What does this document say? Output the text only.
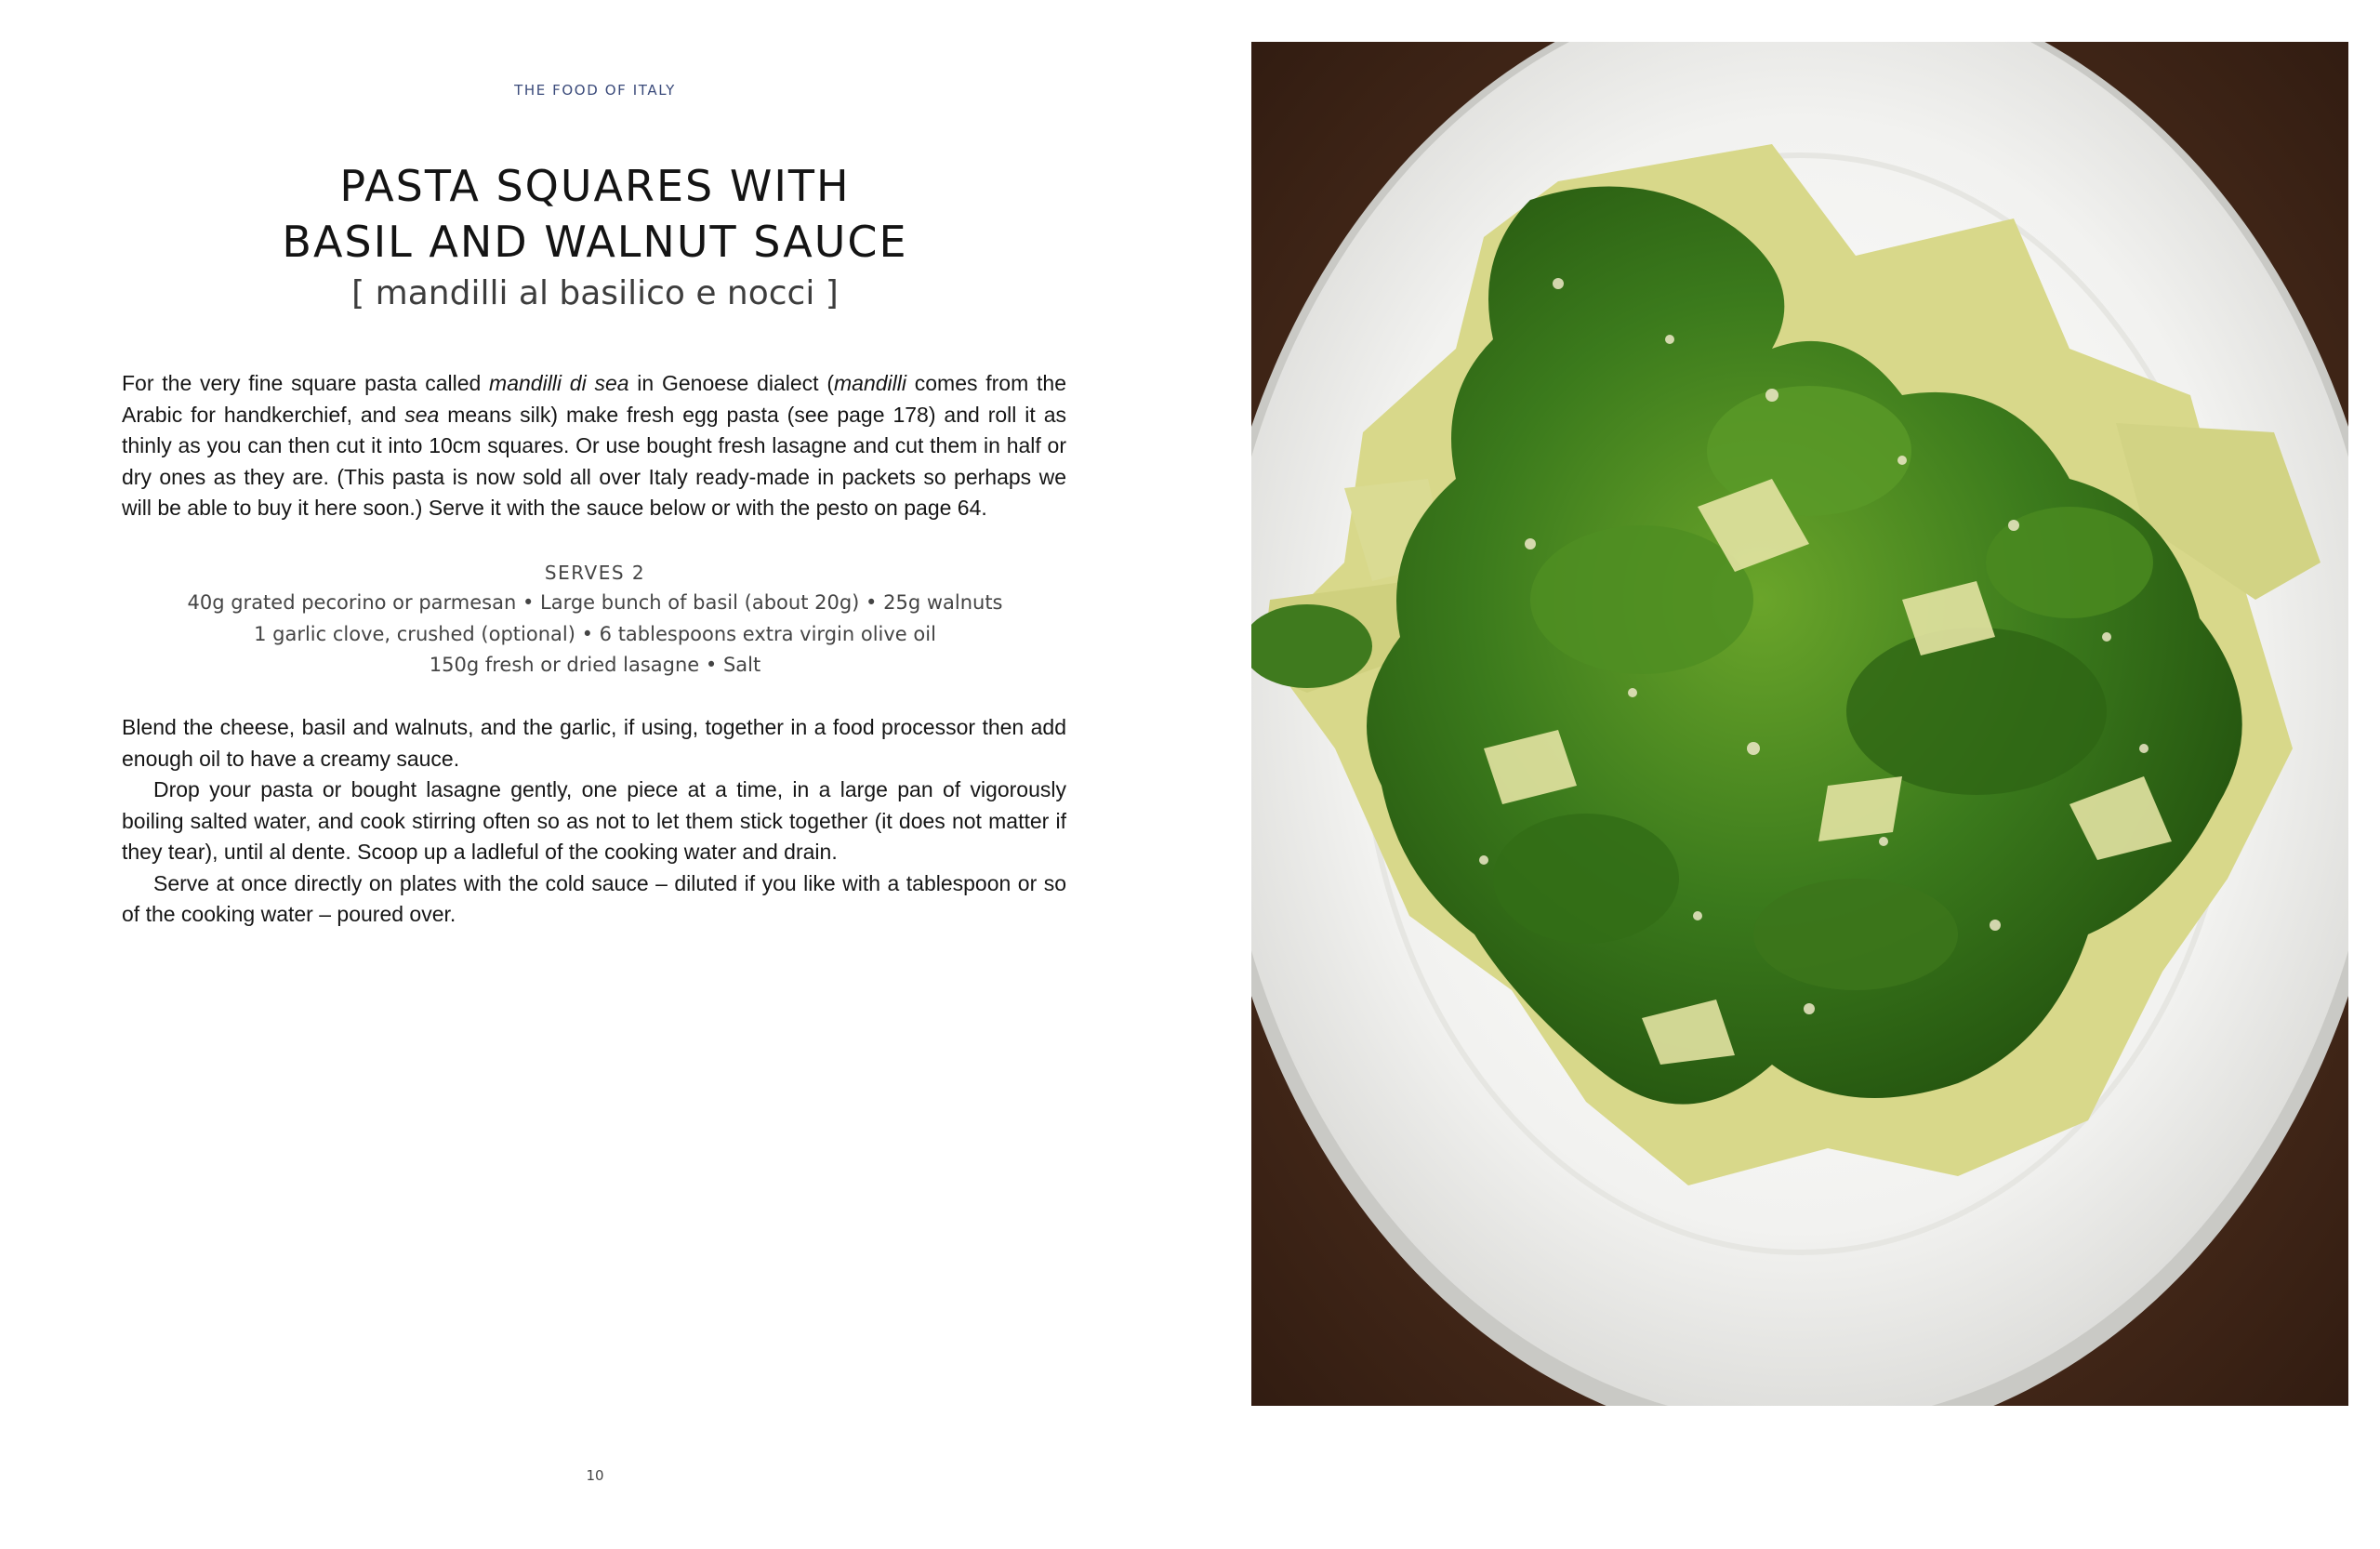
THE FOOD OF ITALY
PASTA SQUARES WITH
BASIL AND WALNUT SAUCE
[ mandilli al basilico e nocci ]

For the very fine square pasta called mandilli di sea in Genoese dialect (mandilli comes from the Arabic for handkerchief, and sea means silk) make fresh egg pasta (see page 178) and roll it as thinly as you can then cut it into 10cm squares. Or use bought fresh lasagne and cut them in half or dry ones as they are. (This pasta is now sold all over Italy ready-made in packets so perhaps we will be able to buy it here soon.) Serve it with the sauce below or with the pesto on page 64.

SERVES 2
40g grated pecorino or parmesan • Large bunch of basil (about 20g) • 25g walnuts
1 garlic clove, crushed (optional) • 6 tablespoons extra virgin olive oil
150g fresh or dried lasagne • Salt

Blend the cheese, basil and walnuts, and the garlic, if using, together in a food processor then add enough oil to have a creamy sauce.

Drop your pasta or bought lasagne gently, one piece at a time, in a large pan of vigorously boiling salted water, and cook stirring often so as not to let them stick together (it does not matter if they tear), until al dente. Scoop up a ladleful of the cooking water and drain.

Serve at once directly on plates with the cold sauce – diluted if you like with a tablespoon or so of the cooking water – poured over.

10
